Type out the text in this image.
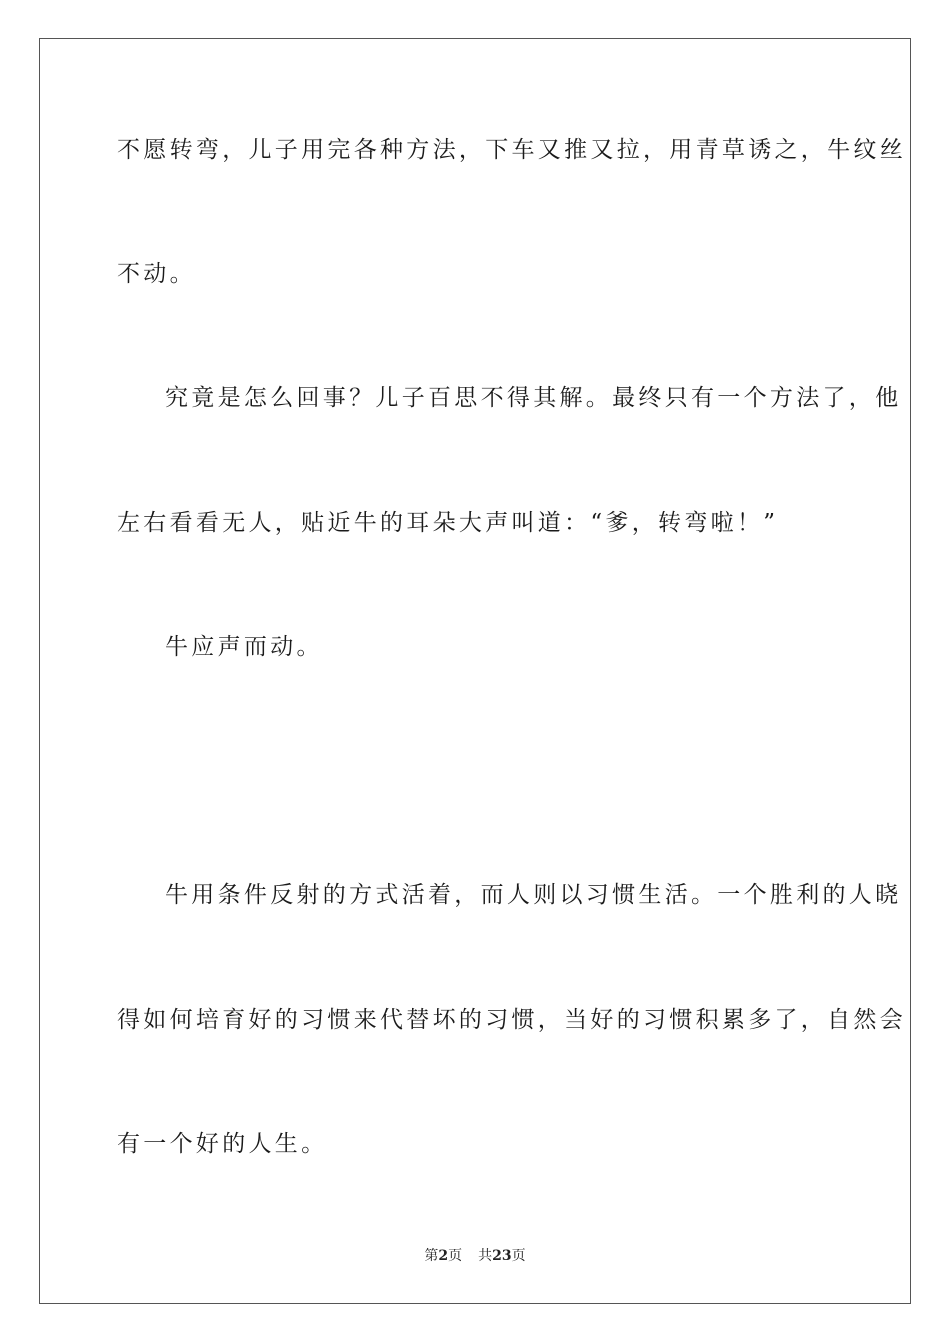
不愿转弯，儿子用完各种方法，下车又推又拉，用青草诱之，牛纹丝
不动。
究竟是怎么回事？儿子百思不得其解。最终只有一个方法了，他
左右看看无人，贴近牛的耳朵大声叫道：“爹，转弯啦！”
牛应声而动。
牛用条件反射的方式活着，而人则以习惯生活。一个胜利的人晓
得如何培育好的习惯来代替坏的习惯，当好的习惯积累多了，自然会
有一个好的人生。
第2页 共23页
